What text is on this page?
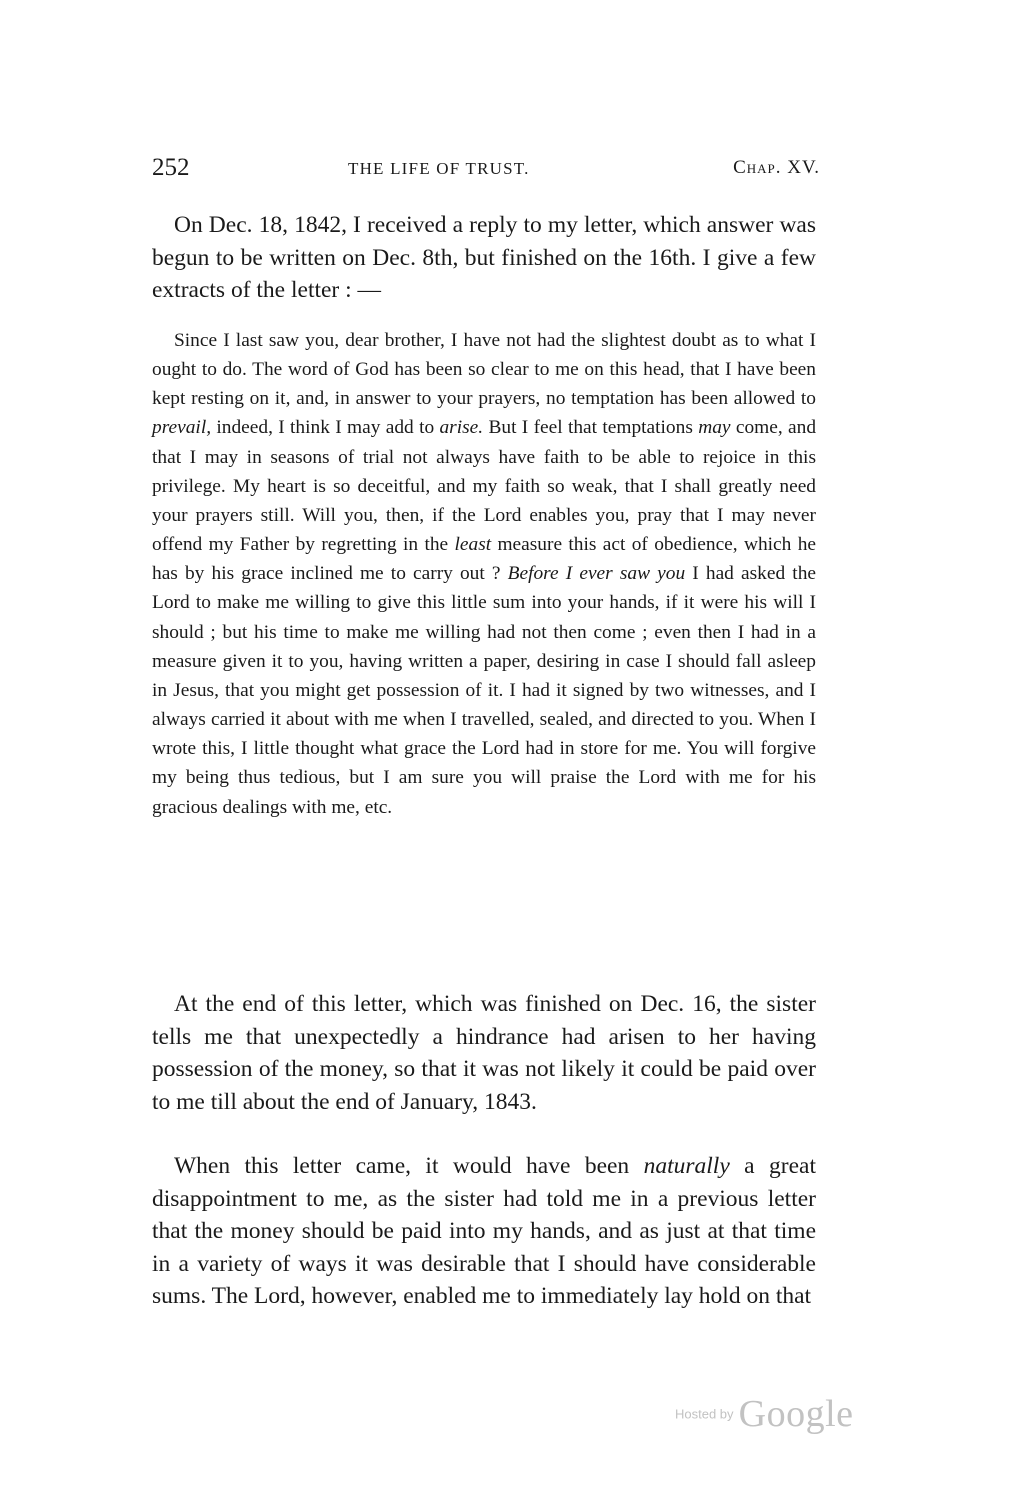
252	THE LIFE OF TRUST.	Chap. XV.

On Dec. 18, 1842, I received a reply to my letter, which answer was begun to be written on Dec. 8th, but finished on the 16th. I give a few extracts of the letter : —

Since I last saw you, dear brother, I have not had the slightest doubt as to what I ought to do. The word of God has been so clear to me on this head, that I have been kept resting on it, and, in answer to your prayers, no temptation has been allowed to prevail, indeed, I think I may add to arise. But I feel that temptations may come, and that I may in seasons of trial not always have faith to be able to rejoice in this privilege. My heart is so deceitful, and my faith so weak, that I shall greatly need your prayers still. Will you, then, if the Lord enables you, pray that I may never offend my Father by regretting in the least measure this act of obedience, which he has by his grace inclined me to carry out ? Before I ever saw you I had asked the Lord to make me willing to give this little sum into your hands, if it were his will I should ; but his time to make me willing had not then come ; even then I had in a measure given it to you, having written a paper, desiring in case I should fall asleep in Jesus, that you might get possession of it. I had it signed by two witnesses, and I always carried it about with me when I travelled, sealed, and directed to you. When I wrote this, I little thought what grace the Lord had in store for me. You will forgive my being thus tedious, but I am sure you will praise the Lord with me for his gracious dealings with me, etc.

At the end of this letter, which was finished on Dec. 16, the sister tells me that unexpectedly a hindrance had arisen to her having possession of the money, so that it was not likely it could be paid over to me till about the end of January, 1843.

When this letter came, it would have been naturally a great disappointment to me, as the sister had told me in a previous letter that the money should be paid into my hands, and as just at that time in a variety of ways it was desirable that I should have considerable sums. The Lord, however, enabled me to immediately lay hold on that

Hosted by Google
